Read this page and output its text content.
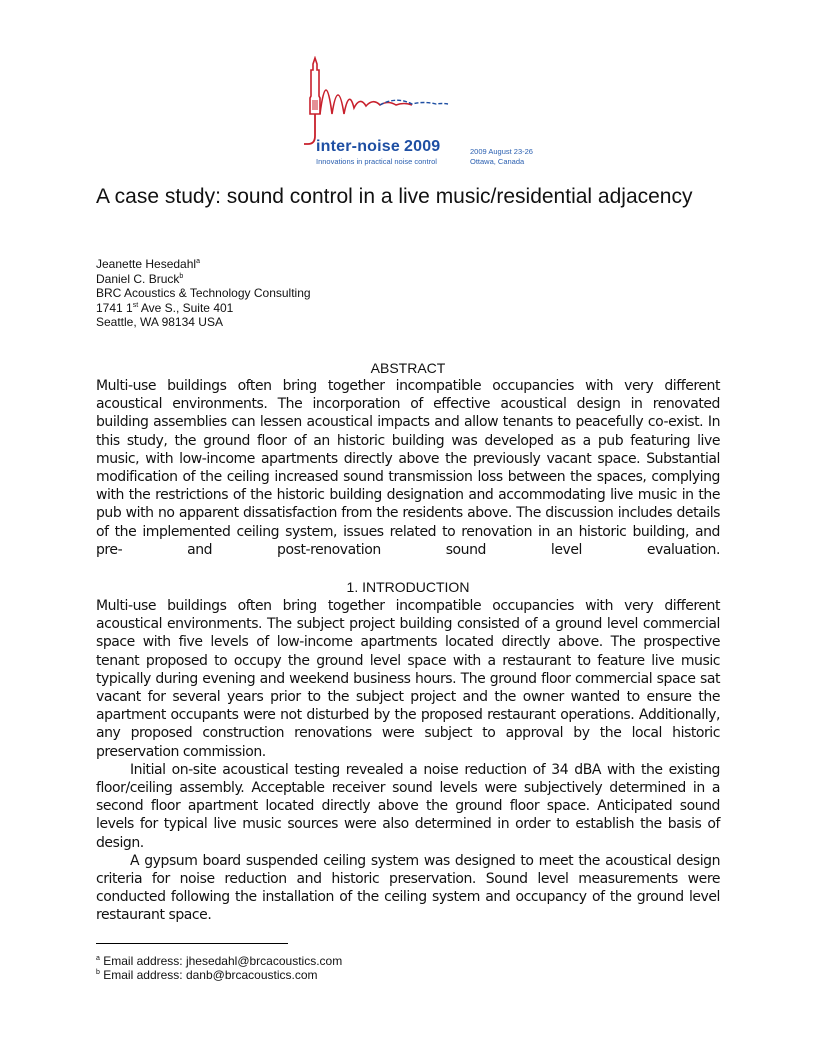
inter-noise 2009
Innovations in practical noise control
2009 August 23-26
Ottawa, Canada
A case study: sound control in a live music/residential adjacency
Jeanette Hesedahl$^a$
Daniel C. Bruck$^b$
BRC Acoustics & Technology Consulting
1741 1st Ave S., Suite 401
Seattle, WA 98134 USA
ABSTRACT
Multi-use buildings often bring together incompatible occupancies with very different acoustical environments. The incorporation of effective acoustical design in renovated building assemblies can lessen acoustical impacts and allow tenants to peacefully co-exist. In this study, the ground floor of an historic building was developed as a pub featuring live music, with low-income apartments directly above the previously vacant space. Substantial modification of the ceiling increased sound transmission loss between the spaces, complying with the restrictions of the historic building designation and accommodating live music in the pub with no apparent dissatisfaction from the residents above. The discussion includes details of the implemented ceiling system, issues related to renovation in an historic building, and pre- and post-renovation sound level evaluation.
1. INTRODUCTION
Multi-use buildings often bring together incompatible occupancies with very different acoustical environments. The subject project building consisted of a ground level commercial space with five levels of low-income apartments located directly above. The prospective tenant proposed to occupy the ground level space with a restaurant to feature live music typically during evening and weekend business hours. The ground floor commercial space sat vacant for several years prior to the subject project and the owner wanted to ensure the apartment occupants were not disturbed by the proposed restaurant operations. Additionally, any proposed construction renovations were subject to approval by the local historic preservation commission.
Initial on-site acoustical testing revealed a noise reduction of 34 dBA with the existing floor/ceiling assembly. Acceptable receiver sound levels were subjectively determined in a second floor apartment located directly above the ground floor space. Anticipated sound levels for typical live music sources were also determined in order to establish the basis of design.
A gypsum board suspended ceiling system was designed to meet the acoustical design criteria for noise reduction and historic preservation. Sound level measurements were conducted following the installation of the ceiling system and occupancy of the ground level restaurant space.
$^a$ Email address: jhesedahl@brcacoustics.com
$^b$ Email address: danb@brcacoustics.com
